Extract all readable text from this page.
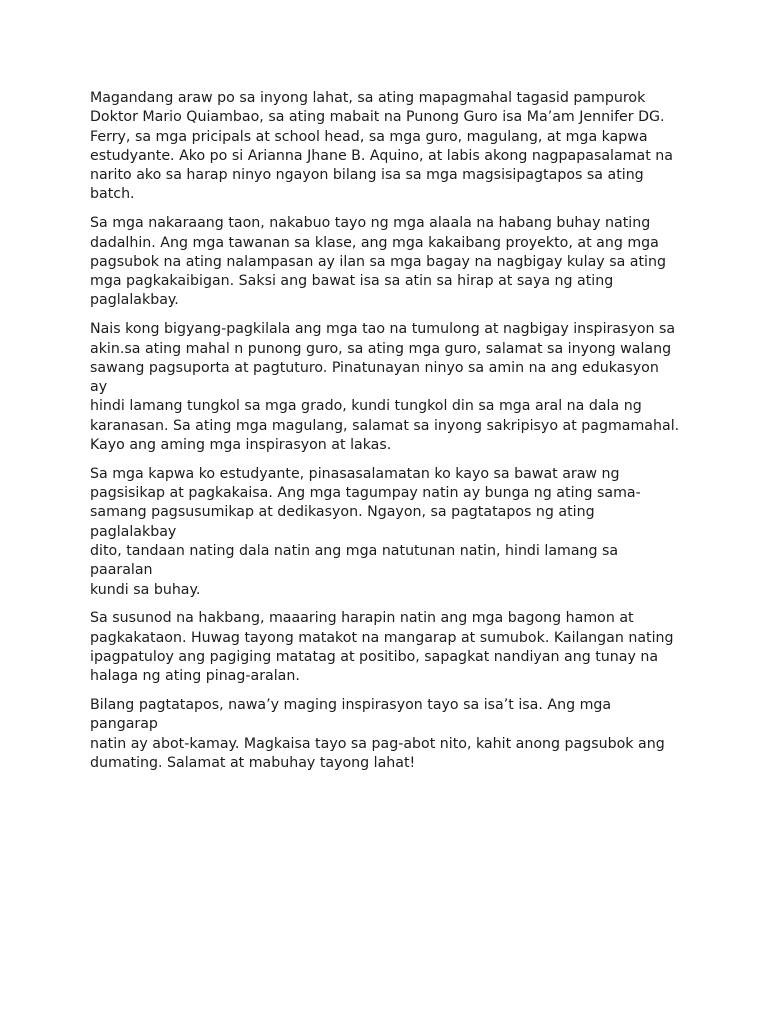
Magandang araw po sa inyong lahat, sa ating mapagmahal tagasid pampurok
Doktor Mario Quiambao, sa ating mabait na Punong Guro isa Ma’am Jennifer DG.
Ferry, sa mga pricipals at school head, sa mga guro, magulang, at mga kapwa
estudyante. Ako po si Arianna Jhane B. Aquino, at labis akong nagpapasalamat na
narito ako sa harap ninyo ngayon bilang isa sa mga magsisipagtapos sa ating batch.

Sa mga nakaraang taon, nakabuo tayo ng mga alaala na habang buhay nating
dadalhin. Ang mga tawanan sa klase, ang mga kakaibang proyekto, at ang mga
pagsubok na ating nalampasan ay ilan sa mga bagay na nagbigay kulay sa ating
mga pagkakaibigan. Saksi ang bawat isa sa atin sa hirap at saya ng ating
paglalakbay.

Nais kong bigyang-pagkilala ang mga tao na tumulong at nagbigay inspirasyon sa
akin.sa ating mahal n punong guro, sa ating mga guro, salamat sa inyong walang
sawang pagsuporta at pagtuturo. Pinatunayan ninyo sa amin na ang edukasyon ay
hindi lamang tungkol sa mga grado, kundi tungkol din sa mga aral na dala ng
karanasan. Sa ating mga magulang, salamat sa inyong sakripisyo at pagmamahal.
Kayo ang aming mga inspirasyon at lakas.

Sa mga kapwa ko estudyante, pinasasalamatan ko kayo sa bawat araw ng
pagsisikap at pagkakaisa. Ang mga tagumpay natin ay bunga ng ating sama-
samang pagsusumikap at dedikasyon. Ngayon, sa pagtatapos ng ating paglalakbay
dito, tandaan nating dala natin ang mga natutunan natin, hindi lamang sa paaralan
kundi sa buhay.

Sa susunod na hakbang, maaaring harapin natin ang mga bagong hamon at
pagkakataon. Huwag tayong matakot na mangarap at sumubok. Kailangan nating
ipagpatuloy ang pagiging matatag at positibo, sapagkat nandiyan ang tunay na
halaga ng ating pinag-aralan.

Bilang pagtatapos, nawa’y maging inspirasyon tayo sa isa’t isa. Ang mga pangarap
natin ay abot-kamay. Magkaisa tayo sa pag-abot nito, kahit anong pagsubok ang
dumating. Salamat at mabuhay tayong lahat!
